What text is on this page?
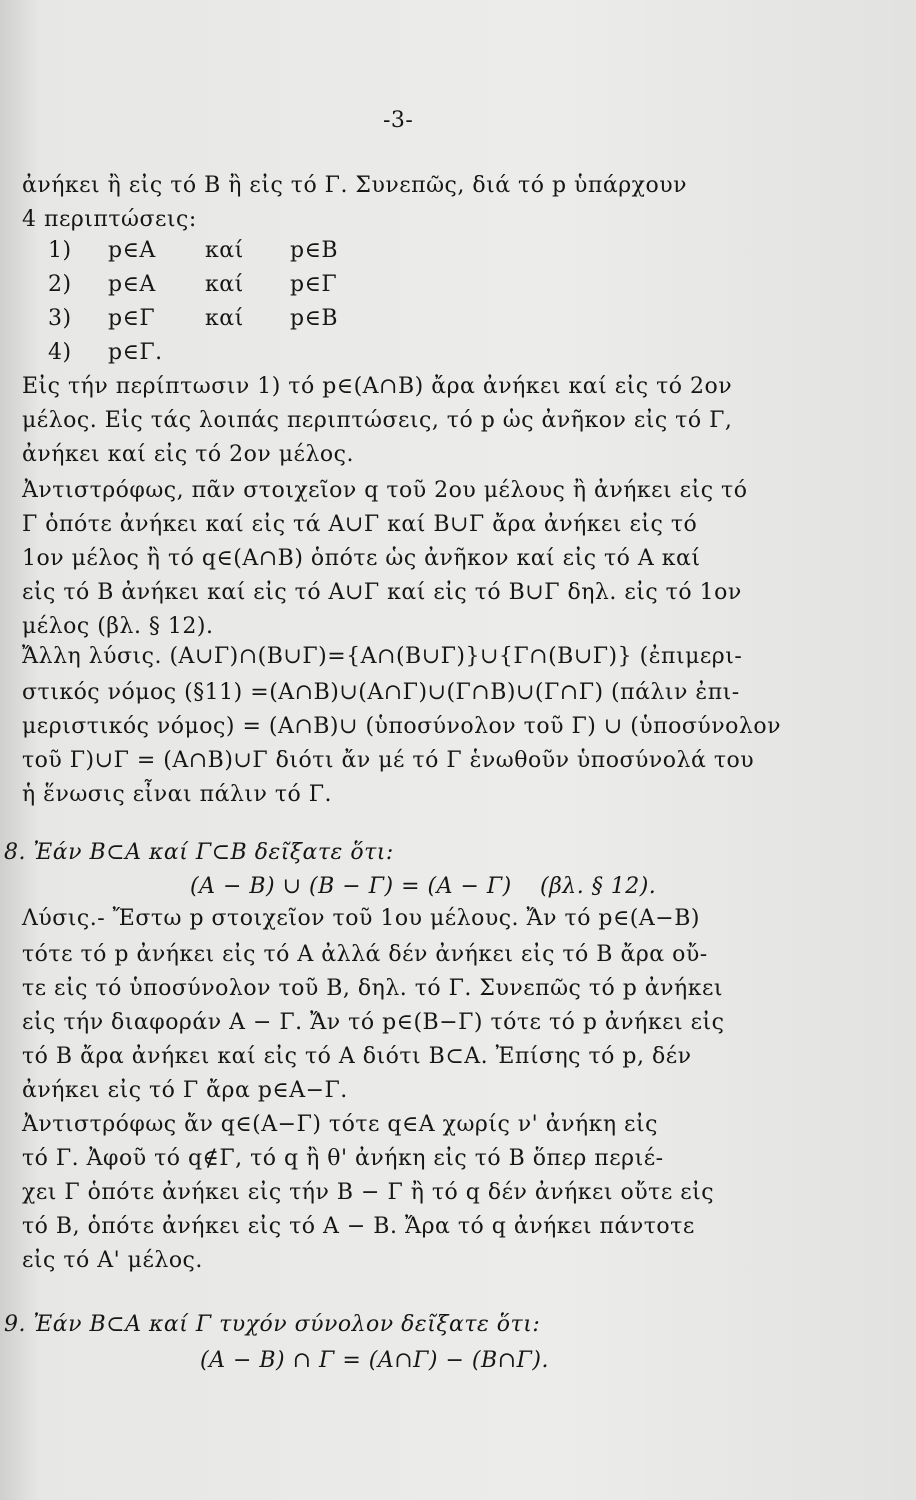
-3-
ἀνήκει ἢ εἰς τό Β ἢ εἰς τό Γ. Συνεπῶς, διά τό p ὑπάρχουν
4 περιπτώσεις:
1) p∈A καί p∈B
2) p∈A καί p∈Γ
3) p∈Γ καί p∈B
4) p∈Γ.
Εἰς τήν περίπτωσιν 1) τό p∈(A∩B) ἄρα ἀνήκει καί εἰς τό 2ον
μέλος. Εἰς τάς λοιπάς περιπτώσεις, τό p ὡς ἀνῆκον εἰς τό Γ,
ἀνήκει καί εἰς τό 2ον μέλος.
Ἀντιστρόφως, πᾶν στοιχεῖον q τοῦ 2ου μέλους ἢ ἀνήκει εἰς τό
Γ ὁπότε ἀνήκει καί εἰς τά A∪Γ καί B∪Γ ἄρα ἀνήκει εἰς τό
1ον μέλος ἢ τό q∈(A∩B) ὁπότε ὡς ἀνῆκον καί εἰς τό Α καί
εἰς τό Β ἀνήκει καί εἰς τό A∪Γ καί εἰς τό B∪Γ δηλ. εἰς τό 1ον
μέλος (βλ. § 12).
Ἄλλη λύσις. (A∪Γ)∩(B∪Γ)={A∩(B∪Γ)}∪{Γ∩(B∪Γ)} (ἐπιμερι-
στικός νόμος (§11) =(A∩B)∪(A∩Γ)∪(Γ∩B)∪(Γ∩Γ) (πάλιν ἐπι-
μεριστικός νόμος) = (A∩B)∪ (ὑποσύνολον τοῦ Γ) ∪ (ὑποσύνολον
τοῦ Γ)∪Γ = (A∩B)∪Γ διότι ἄν μέ τό Γ ἑνωθοῦν ὑποσύνολά του
ἡ ἕνωσις εἶναι πάλιν τό Γ.
8. Ἐάν B⊂A καί Γ⊂B δεῖξατε ὅτι:
(A − B) ∪ (B − Γ) = (A − Γ) (βλ. § 12).
Λύσις.- Ἔστω p στοιχεῖον τοῦ 1ου μέλους. Ἄν τό p∈(A−B)
τότε τό p ἀνήκει εἰς τό Α ἀλλά δέν ἀνήκει εἰς τό Β ἄρα οὔ-
τε εἰς τό ὑποσύνολον τοῦ Β, δηλ. τό Γ. Συνεπῶς τό p ἀνήκει
εἰς τήν διαφοράν Α − Γ. Ἄν τό p∈(B−Γ) τότε τό p ἀνήκει εἰς
τό Β ἄρα ἀνήκει καί εἰς τό Α διότι B⊂A. Ἐπίσης τό p, δέν
ἀνήκει εἰς τό Γ ἄρα p∈A−Γ.
Ἀντιστρόφως ἄν q∈(A−Γ) τότε q∈A χωρίς ν' ἀνήκη εἰς
τό Γ. Ἀφοῦ τό q∉Γ, τό q ἢ θ' ἀνήκη εἰς τό Β ὅπερ περιέ-
χει Γ ὁπότε ἀνήκει εἰς τήν B − Γ ἢ τό q δέν ἀνήκει οὔτε εἰς
τό Β, ὁπότε ἀνήκει εἰς τό A − B. Ἄρα τό q ἀνήκει πάντοτε
εἰς τό Α' μέλος.
9. Ἐάν B⊂A καί Γ τυχόν σύνολον δεῖξατε ὅτι:
(A − B) ∩ Γ = (A∩Γ) − (B∩Γ).
